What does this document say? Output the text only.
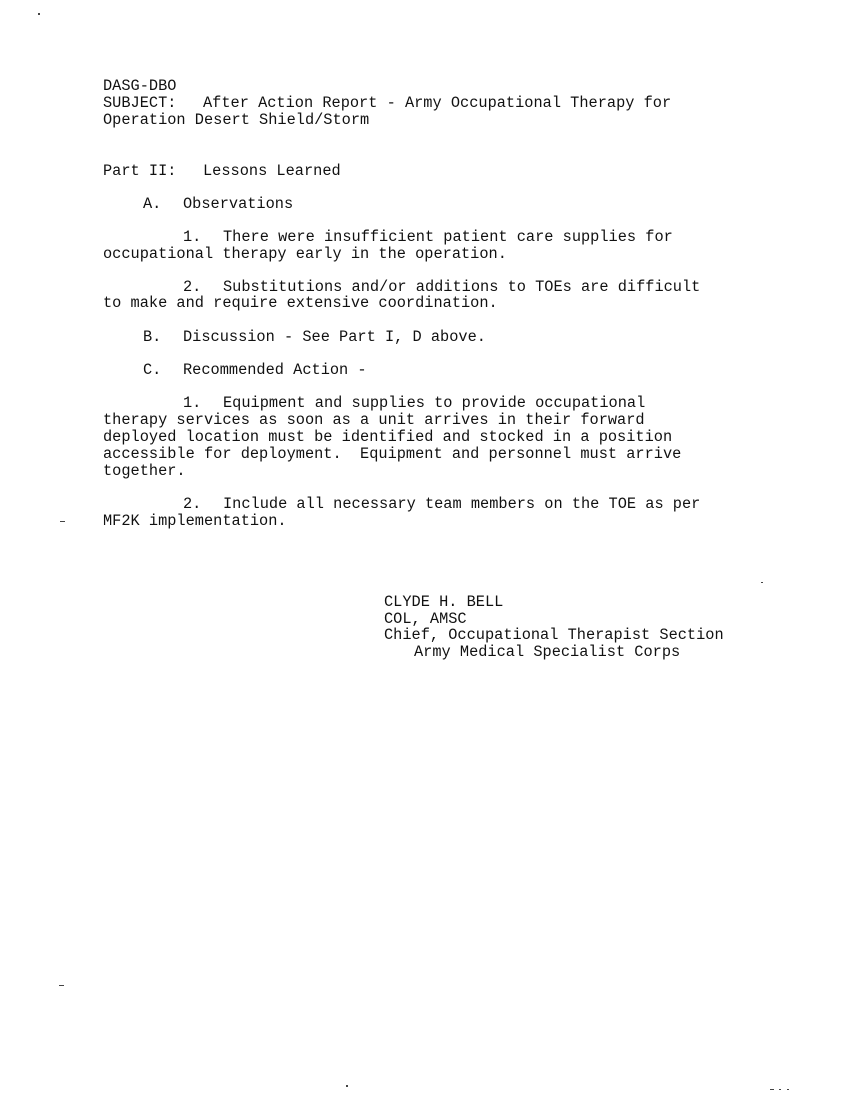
DASG-DBO
SUBJECT: After Action Report - Army Occupational Therapy for
Operation Desert Shield/Storm
Part II: Lessons Learned
A. Observations
1. There were insufficient patient care supplies for
occupational therapy early in the operation.
2. Substitutions and/or additions to TOEs are difficult
to make and require extensive coordination.
B. Discussion - See Part I, D above.
C. Recommended Action -
1. Equipment and supplies to provide occupational
therapy services as soon as a unit arrives in their forward
deployed location must be identified and stocked in a position
accessible for deployment.  Equipment and personnel must arrive
together.
2. Include all necessary team members on the TOE as per
MF2K implementation.
CLYDE H. BELL
COL, AMSC
Chief, Occupational Therapist Section
Army Medical Specialist Corps
